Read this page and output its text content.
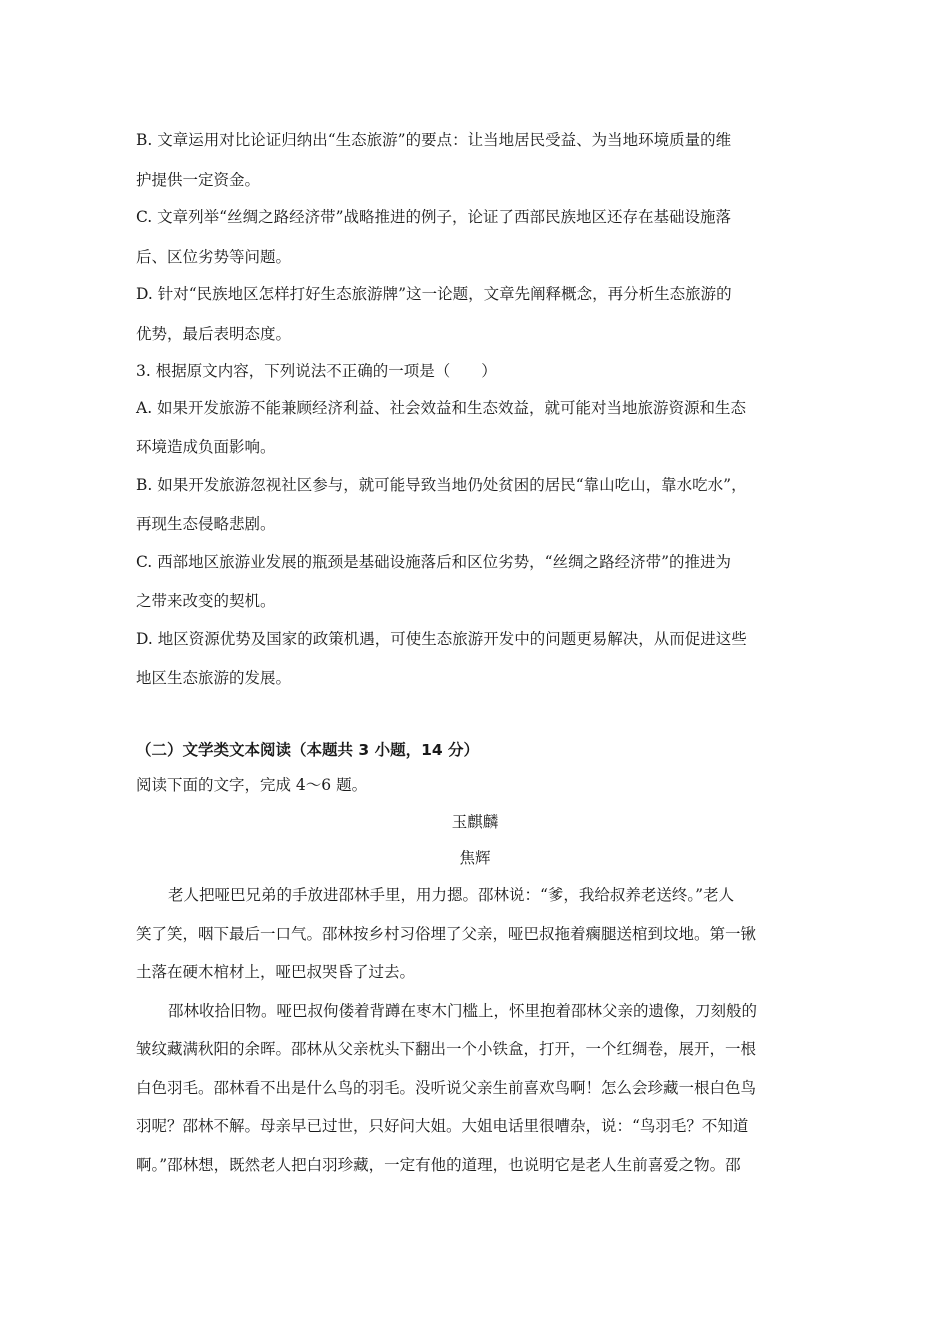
B. 文章运用对比论证归纳出“生态旅游”的要点：让当地居民受益、为当地环境质量的维
护提供一定资金。
C. 文章列举“丝绸之路经济带”战略推进的例子，论证了西部民族地区还存在基础设施落
后、区位劣势等问题。
D. 针对“民族地区怎样打好生态旅游牌”这一论题，文章先阐释概念，再分析生态旅游的
优势，最后表明态度。
3. 根据原文内容，下列说法不正确的一项是（　　）
A. 如果开发旅游不能兼顾经济利益、社会效益和生态效益，就可能对当地旅游资源和生态
环境造成负面影响。
B. 如果开发旅游忽视社区参与，就可能导致当地仍处贫困的居民“靠山吃山，靠水吃水”，
再现生态侵略悲剧。
C. 西部地区旅游业发展的瓶颈是基础设施落后和区位劣势，“丝绸之路经济带”的推进为
之带来改变的契机。
D. 地区资源优势及国家的政策机遇，可使生态旅游开发中的问题更易解决，从而促进这些
地区生态旅游的发展。
（二）文学类文本阅读（本题共 3 小题，14 分）
阅读下面的文字，完成 4～6 题。
玉麒麟
焦辉
老人把哑巴兄弟的手放进邵林手里，用力摁。邵林说：“爹，我给叔养老送终。”老人
笑了笑，咽下最后一口气。邵林按乡村习俗埋了父亲，哑巴叔拖着瘸腿送棺到坟地。第一锹
土落在硬木棺材上，哑巴叔哭昏了过去。
邵林收拾旧物。哑巴叔佝偻着背蹲在枣木门槛上，怀里抱着邵林父亲的遗像，刀刻般的
皱纹藏满秋阳的余晖。邵林从父亲枕头下翻出一个小铁盒，打开，一个红绸卷，展开，一根
白色羽毛。邵林看不出是什么鸟的羽毛。没听说父亲生前喜欢鸟啊！怎么会珍藏一根白色鸟
羽呢？邵林不解。母亲早已过世，只好问大姐。大姐电话里很嘈杂，说：“鸟羽毛？不知道
啊。”邵林想，既然老人把白羽珍藏，一定有他的道理，也说明它是老人生前喜爱之物。邵
